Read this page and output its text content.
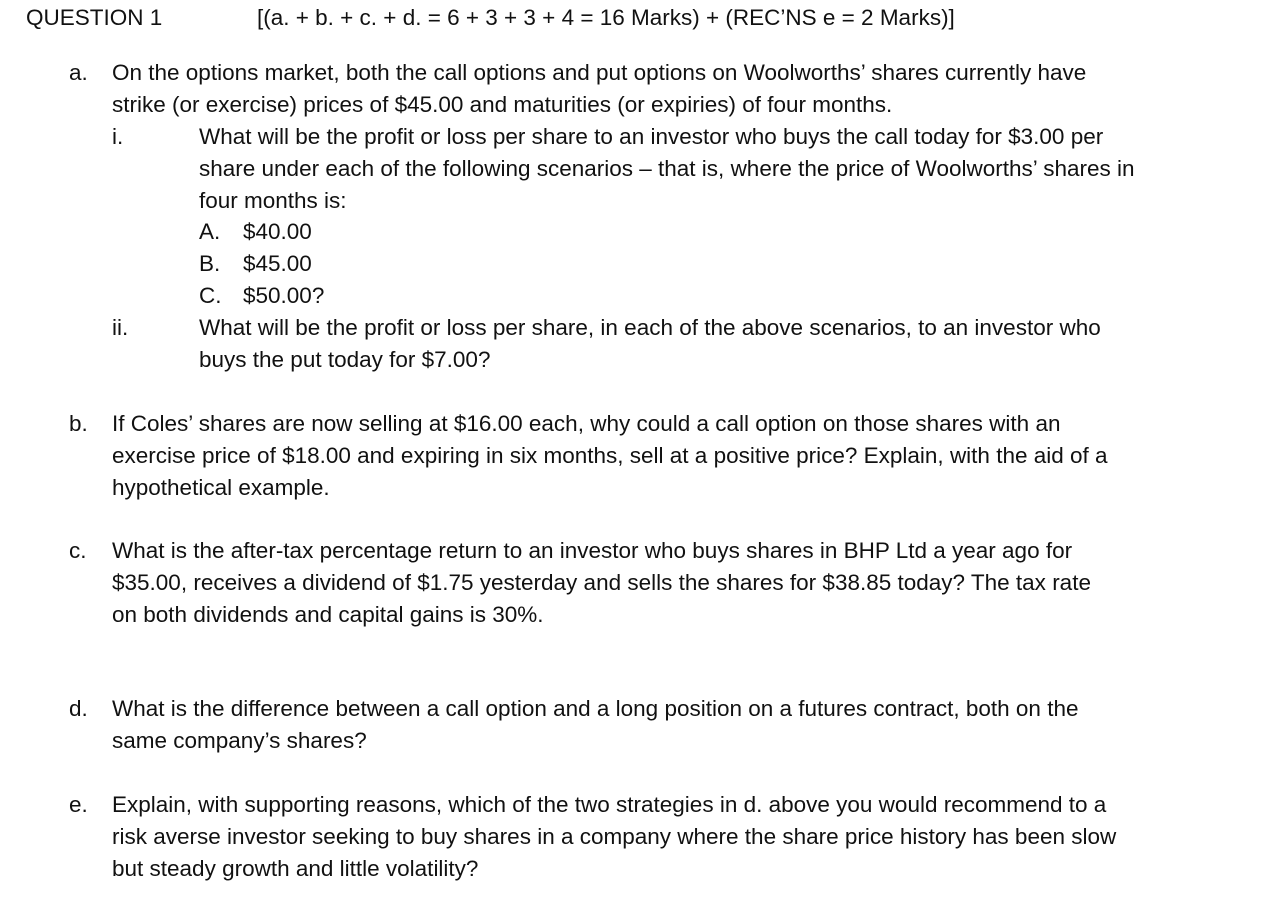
QUESTION 1	[(a. + b. + c. + d. = 6 + 3 + 3 + 4 = 16 Marks) + (REC’NS e = 2 Marks)]
a. On the options market, both the call options and put options on Woolworths’ shares currently have strike (or exercise) prices of $45.00 and maturities (or expiries) of four months.
i.	What will be the profit or loss per share to an investor who buys the call today for $3.00 per share under each of the following scenarios – that is, where the price of Woolworths’ shares in four months is:
A. $40.00
B. $45.00
C. $50.00?
ii.	What will be the profit or loss per share, in each of the above scenarios, to an investor who buys the put today for $7.00?
b. If Coles’ shares are now selling at $16.00 each, why could a call option on those shares with an exercise price of $18.00 and expiring in six months, sell at a positive price? Explain, with the aid of a hypothetical example.
c. What is the after-tax percentage return to an investor who buys shares in BHP Ltd a year ago for $35.00, receives a dividend of $1.75 yesterday and sells the shares for $38.85 today? The tax rate on both dividends and capital gains is 30%.
d. What is the difference between a call option and a long position on a futures contract, both on the same company’s shares?
e. Explain, with supporting reasons, which of the two strategies in d. above you would recommend to a risk averse investor seeking to buy shares in a company where the share price history has been slow but steady growth and little volatility?
